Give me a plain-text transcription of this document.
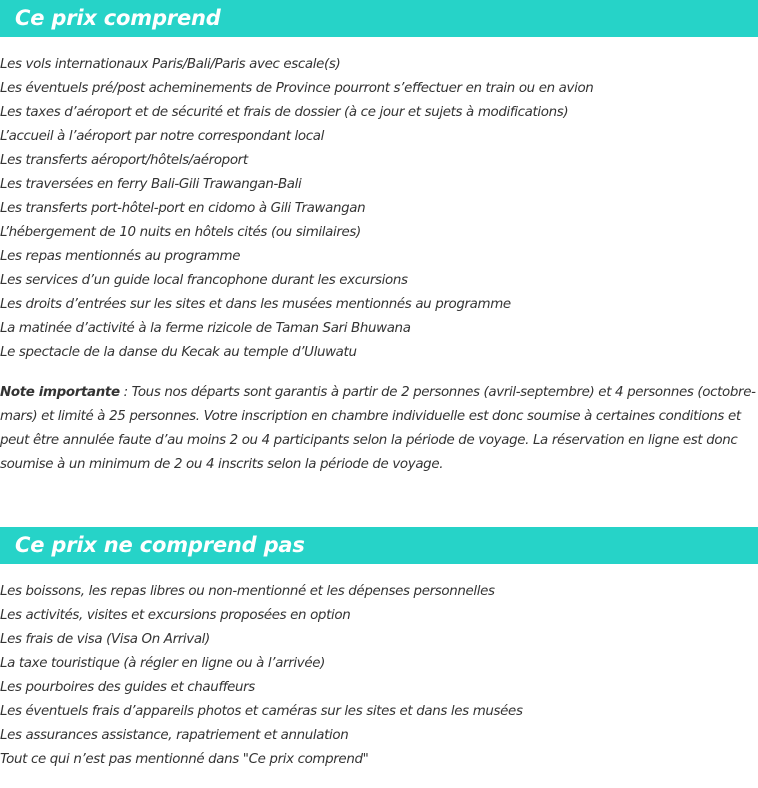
Ce prix comprend
Les vols internationaux Paris/Bali/Paris avec escale(s)
Les éventuels pré/post acheminements de Province pourront s’effectuer en train ou en avion
Les taxes d’aéroport et de sécurité et frais de dossier (à ce jour et sujets à modifications)
L’accueil à l’aéroport par notre correspondant local
Les transferts aéroport/hôtels/aéroport
Les traversées en ferry Bali-Gili Trawangan-Bali
Les transferts port-hôtel-port en cidomo à Gili Trawangan
L’hébergement de 10 nuits en hôtels cités (ou similaires)
Les repas mentionnés au programme
Les services d’un guide local francophone durant les excursions
Les droits d’entrées sur les sites et dans les musées mentionnés au programme
La matinée d’activité à la ferme rizicole de Taman Sari Bhuwana
Le spectacle de la danse du Kecak au temple d’Uluwatu

Note importante : Tous nos départs sont garantis à partir de 2 personnes (avril-septembre) et 4 personnes (octobre-mars) et limité à 25 personnes. Votre inscription en chambre individuelle est donc soumise à certaines conditions et peut être annulée faute d’au moins 2 ou 4 participants selon la période de voyage. La réservation en ligne est donc soumise à un minimum de 2 ou 4 inscrits selon la période de voyage.

Ce prix ne comprend pas
Les boissons, les repas libres ou non-mentionné et les dépenses personnelles
Les activités, visites et excursions proposées en option
Les frais de visa (Visa On Arrival)
La taxe touristique (à régler en ligne ou à l’arrivée)
Les pourboires des guides et chauffeurs
Les éventuels frais d’appareils photos et caméras sur les sites et dans les musées
Les assurances assistance, rapatriement et annulation
Tout ce qui n’est pas mentionné dans "Ce prix comprend"
